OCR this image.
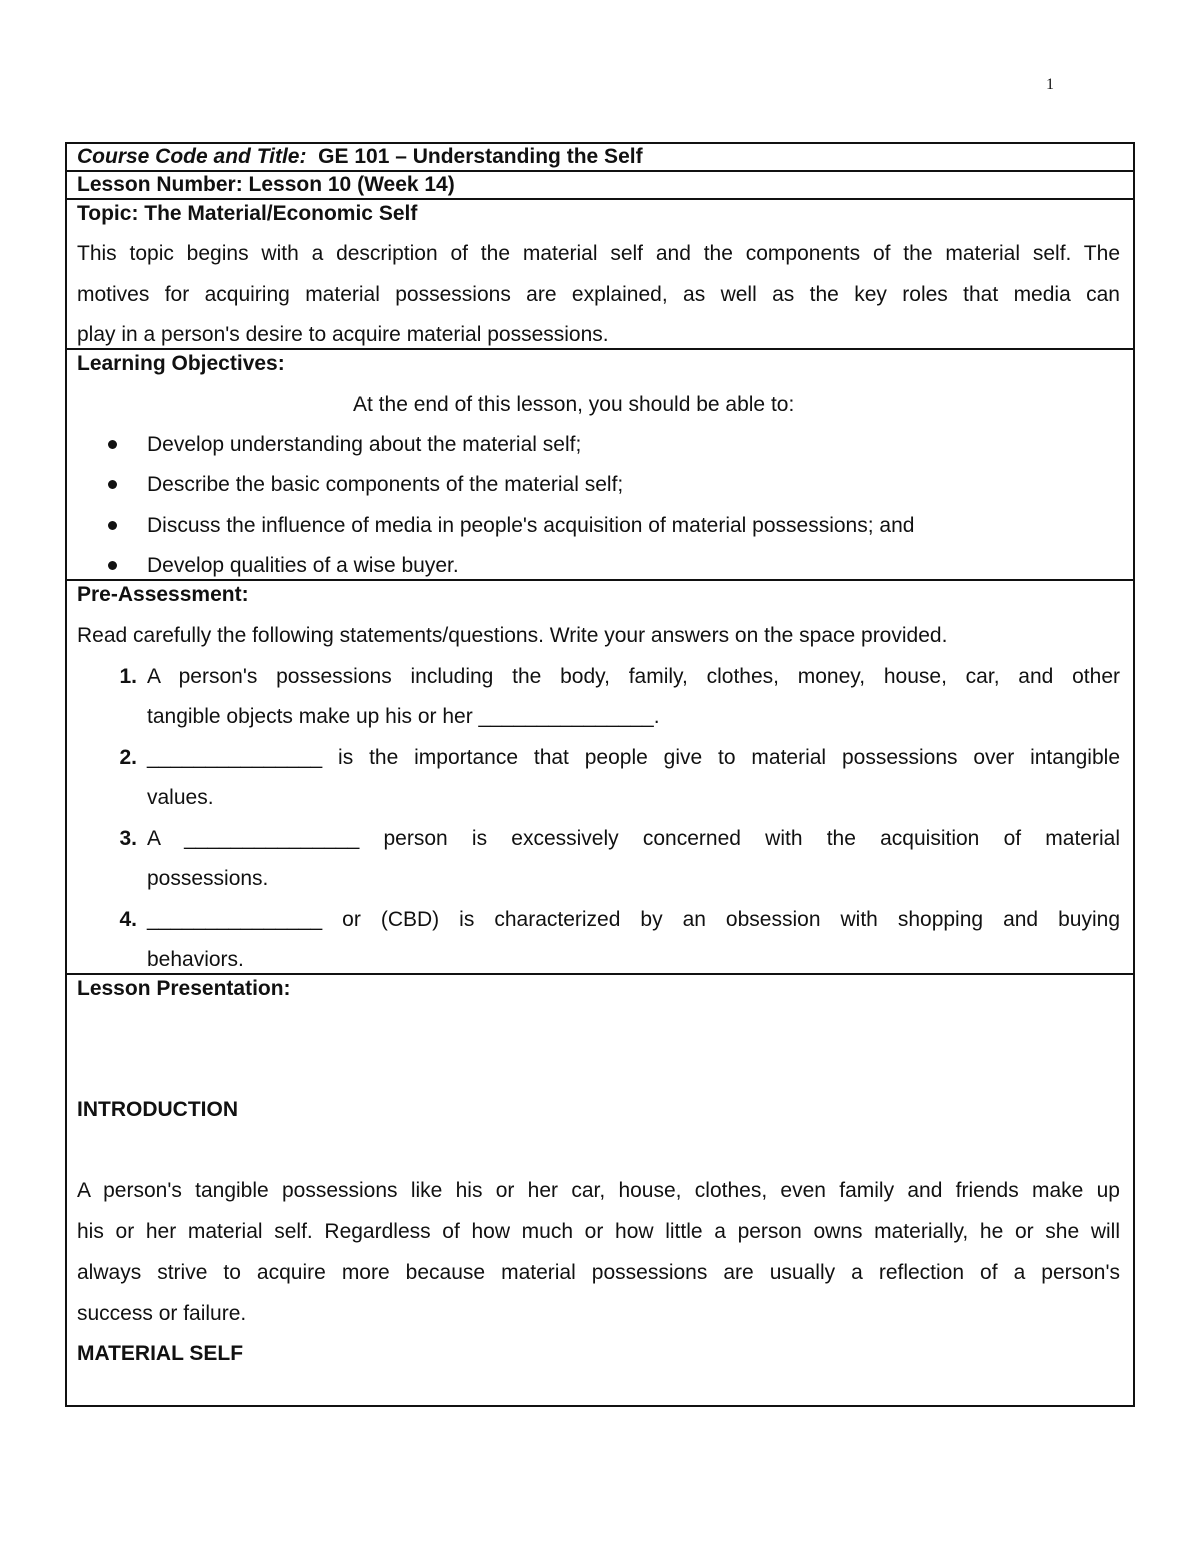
1
Course Code and Title: GE 101 – Understanding the Self
Lesson Number: Lesson 10 (Week 14)
Topic: The Material/Economic Self
This topic begins with a description of the material self and the components of the material self. The
motives for acquiring material possessions are explained, as well as the key roles that media can
play in a person's desire to acquire material possessions.
Learning Objectives:
At the end of this lesson, you should be able to:
Develop understanding about the material self;
Describe the basic components of the material self;
Discuss the influence of media in people's acquisition of material possessions; and
Develop qualities of a wise buyer.
Pre-Assessment:
Read carefully the following statements/questions. Write your answers on the space provided.
1. A person's possessions including the body, family, clothes, money, house, car, and other
tangible objects make up his or her _______________.
2. _______________ is the importance that people give to material possessions over intangible
values.
3. A _______________ person is excessively concerned with the acquisition of material
possessions.
4. _______________ or (CBD) is characterized by an obsession with shopping and buying
behaviors.
Lesson Presentation:
INTRODUCTION
A person's tangible possessions like his or her car, house, clothes, even family and friends make up
his or her material self. Regardless of how much or how little a person owns materially, he or she will
always strive to acquire more because material possessions are usually a reflection of a person's
success or failure.
MATERIAL SELF
